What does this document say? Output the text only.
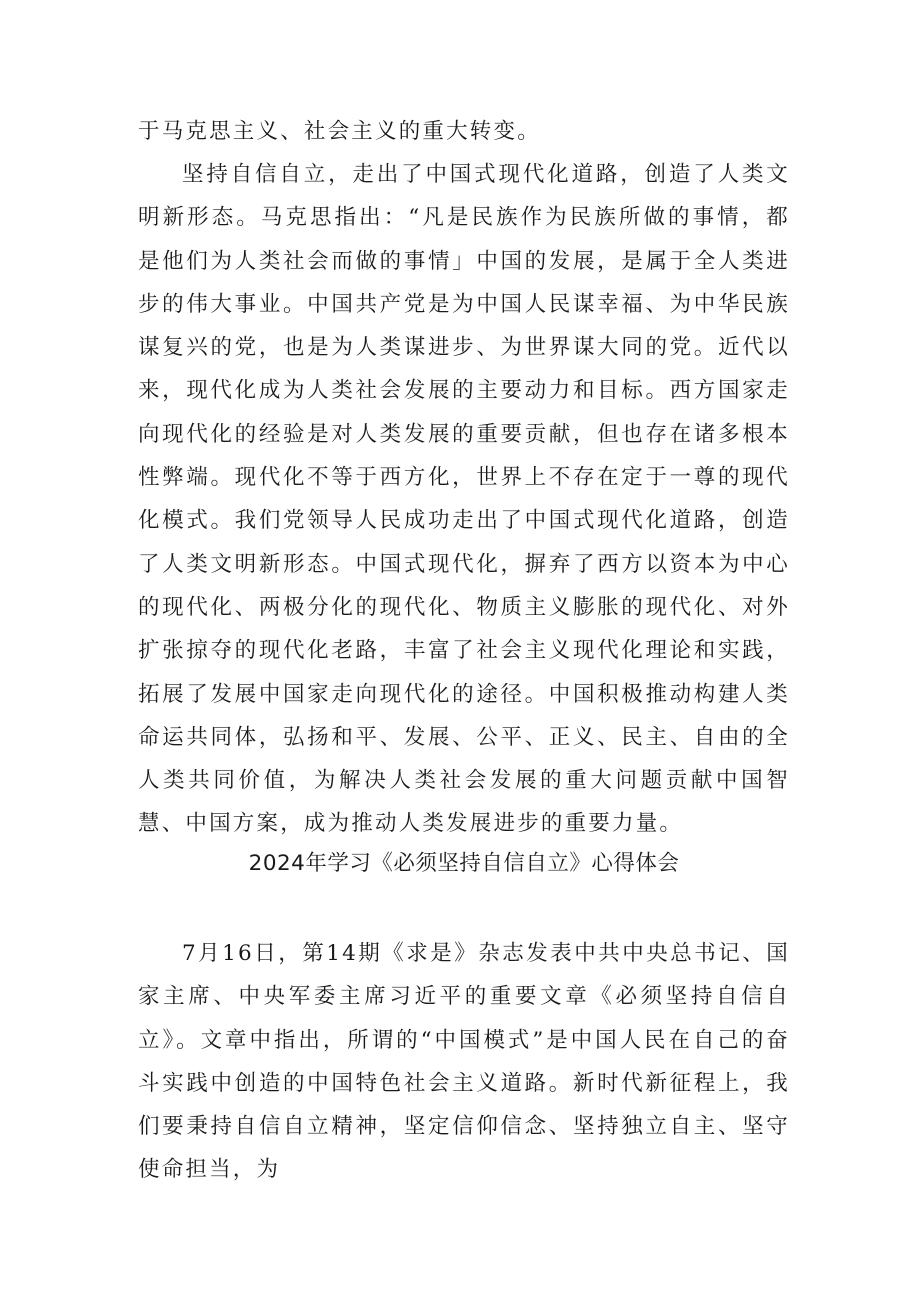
于马克思主义、社会主义的重大转变。

坚持自信自立，走出了中国式现代化道路，创造了人类文明新形态。马克思指出：“凡是民族作为民族所做的事情，都是他们为人类社会而做的事情」中国的发展，是属于全人类进步的伟大事业。中国共产党是为中国人民谋幸福、为中华民族谋复兴的党，也是为人类谋进步、为世界谋大同的党。近代以来，现代化成为人类社会发展的主要动力和目标。西方国家走向现代化的经验是对人类发展的重要贡献，但也存在诸多根本性弊端。现代化不等于西方化，世界上不存在定于一尊的现代化模式。我们党领导人民成功走出了中国式现代化道路，创造了人类文明新形态。中国式现代化，摒弃了西方以资本为中心的现代化、两极分化的现代化、物质主义膨胀的现代化、对外扩张掠夺的现代化老路，丰富了社会主义现代化理论和实践，拓展了发展中国家走向现代化的途径。中国积极推动构建人类命运共同体，弘扬和平、发展、公平、正义、民主、自由的全人类共同价值，为解决人类社会发展的重大问题贡献中国智慧、中国方案，成为推动人类发展进步的重要力量。

2024年学习《必须坚持自信自立》心得体会

7月16日，第14期《求是》杂志发表中共中央总书记、国家主席、中央军委主席习近平的重要文章《必须坚持自信自立》。文章中指出，所谓的“中国模式”是中国人民在自己的奋斗实践中创造的中国特色社会主义道路。新时代新征程上，我们要秉持自信自立精神，坚定信仰信念、坚持独立自主、坚守使命担当，为
